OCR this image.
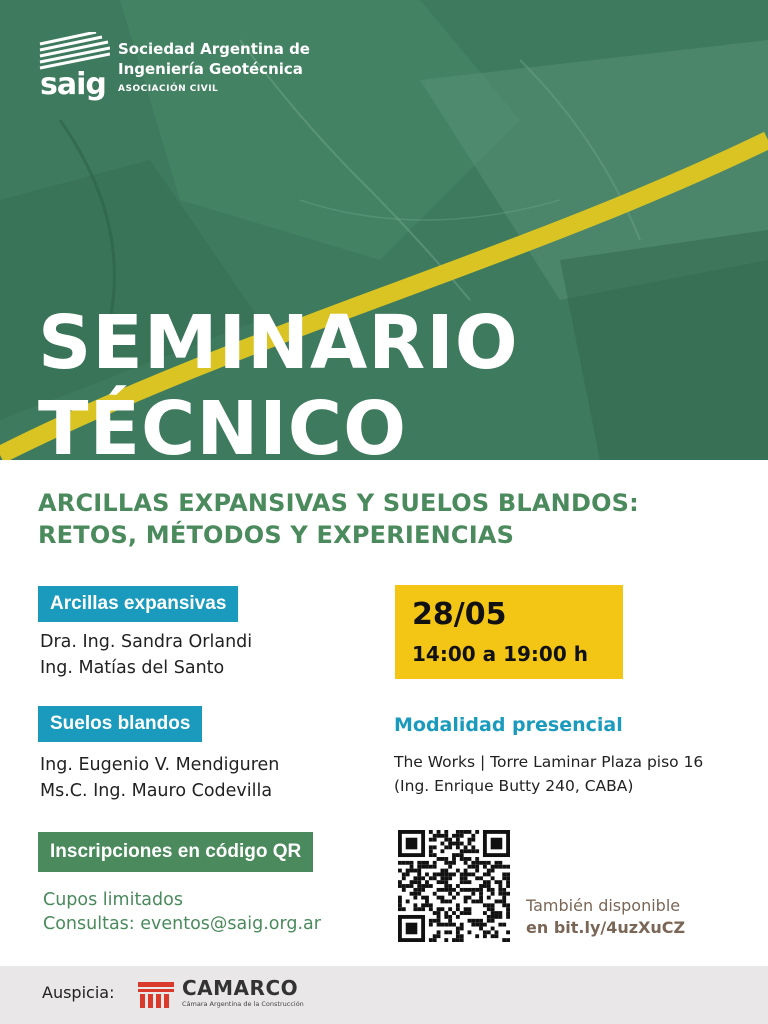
saig
Sociedad Argentina de
Ingeniería Geotécnica
ASOCIACIÓN CIVIL
SEMINARIO
TÉCNICO
ARCILLAS EXPANSIVAS Y SUELOS BLANDOS:
RETOS, MÉTODOS Y EXPERIENCIAS
Arcillas expansivas
Dra. Ing. Sandra Orlandi
Ing. Matías del Santo
Suelos blandos
Ing. Eugenio V. Mendiguren
Ms.C. Ing. Mauro Codevilla
Inscripciones en código QR
Cupos limitados
Consultas: eventos@saig.org.ar
28/05
14:00 a 19:00 h
Modalidad presencial
The Works | Torre Laminar Plaza piso 16
(Ing. Enrique Butty 240, CABA)
También disponible
en bit.ly/4uzXuCZ
Auspicia:	CAMARCO
Cámara Argentina de la Construcción
